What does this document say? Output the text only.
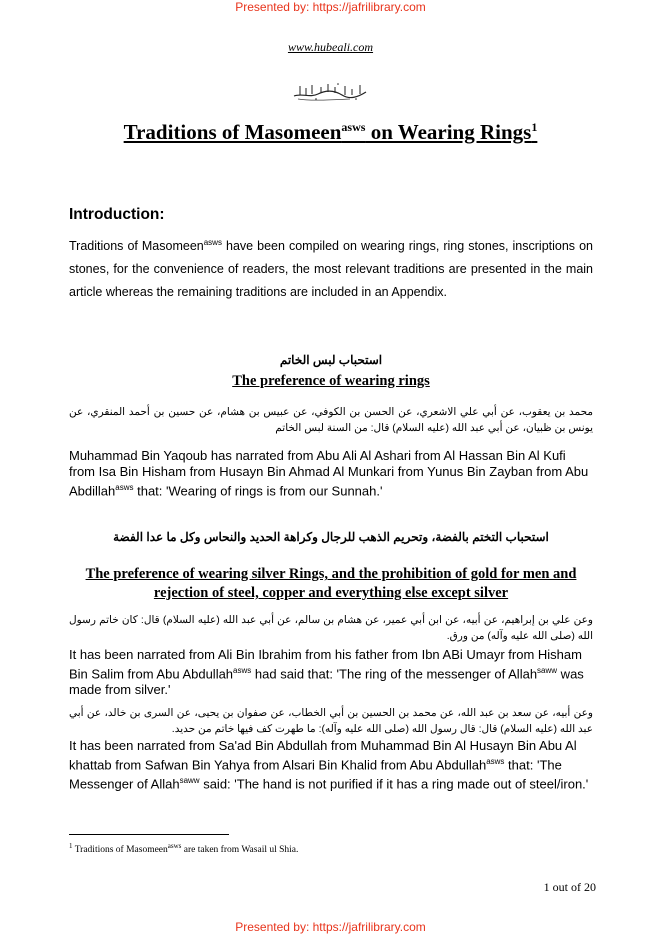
Presented by: https://jafrilibrary.com
www.hubeali.com
Traditions of Masomeen$^{asws}$ on Wearing Rings$^1$
Introduction:
Traditions of Masomeen$^{asws}$ have been compiled on wearing rings, ring stones, inscriptions on stones, for the convenience of readers, the most relevant traditions are presented in the main article whereas the remaining traditions are included in an Appendix.
استحباب لبس الخاتم
The preference of wearing rings
محمد بن يعقوب، عن أبي علي الاشعري، عن الحسن بن الكوفي، عن عبيس بن هشام، عن حسين بن أحمد المنقري، عن يونس بن ظبيان، عن أبي عبد الله (عليه السلام) قال: من السنة لبس الخاتم
Muhammad Bin Yaqoub has narrated from Abu Ali Al Ashari from Al Hassan Bin Al Kufi from Isa Bin Hisham from Husayn Bin Ahmad Al Munkari from Yunus Bin Zayban from Abu Abdillah$^{asws}$ that: 'Wearing of rings is from our Sunnah.'
استحباب التختم بالفضة، وتحريم الذهب للرجال وكراهة الحديد والنحاس وكل ما عدا الفضة
The preference of wearing silver Rings, and the prohibition of gold for men and rejection of steel, copper and everything else except silver
وعن علي بن إبراهيم، عن أبيه، عن ابن أبي عمير، عن هشام بن سالم، عن أبي عبد الله (عليه السلام) قال: كان خاتم رسول الله (صلى الله عليه وآله) من ورق.
It has been narrated from Ali Bin Ibrahim from his father from Ibn ABi Umayr from Hisham Bin Salim from Abu Abdullah$^{asws}$ had said that: 'The ring of the messenger of Allah$^{saww}$ was made from silver.'
وعن أبيه، عن سعد بن عبد الله، عن محمد بن الحسين بن أبي الخطاب، عن صفوان بن يحيى، عن السرى بن خالد، عن أبي عبد الله (عليه السلام) قال: قال رسول الله (صلى الله عليه وآله): ما طهرت كف فيها خاتم من حديد.
It has been narrated from Sa'ad Bin Abdullah from Muhammad Bin Al Husayn Bin Abu Al khattab from Safwan Bin Yahya from Alsari Bin Khalid from Abu Abdullah$^{asws}$ that: 'The Messenger of Allah$^{saww}$ said: 'The hand is not purified if it has a ring made out of steel/iron.'
$^1$ Traditions of Masomeen$^{asws}$ are taken from Wasail ul Shia.
1 out of 20
Presented by: https://jafrilibrary.com
